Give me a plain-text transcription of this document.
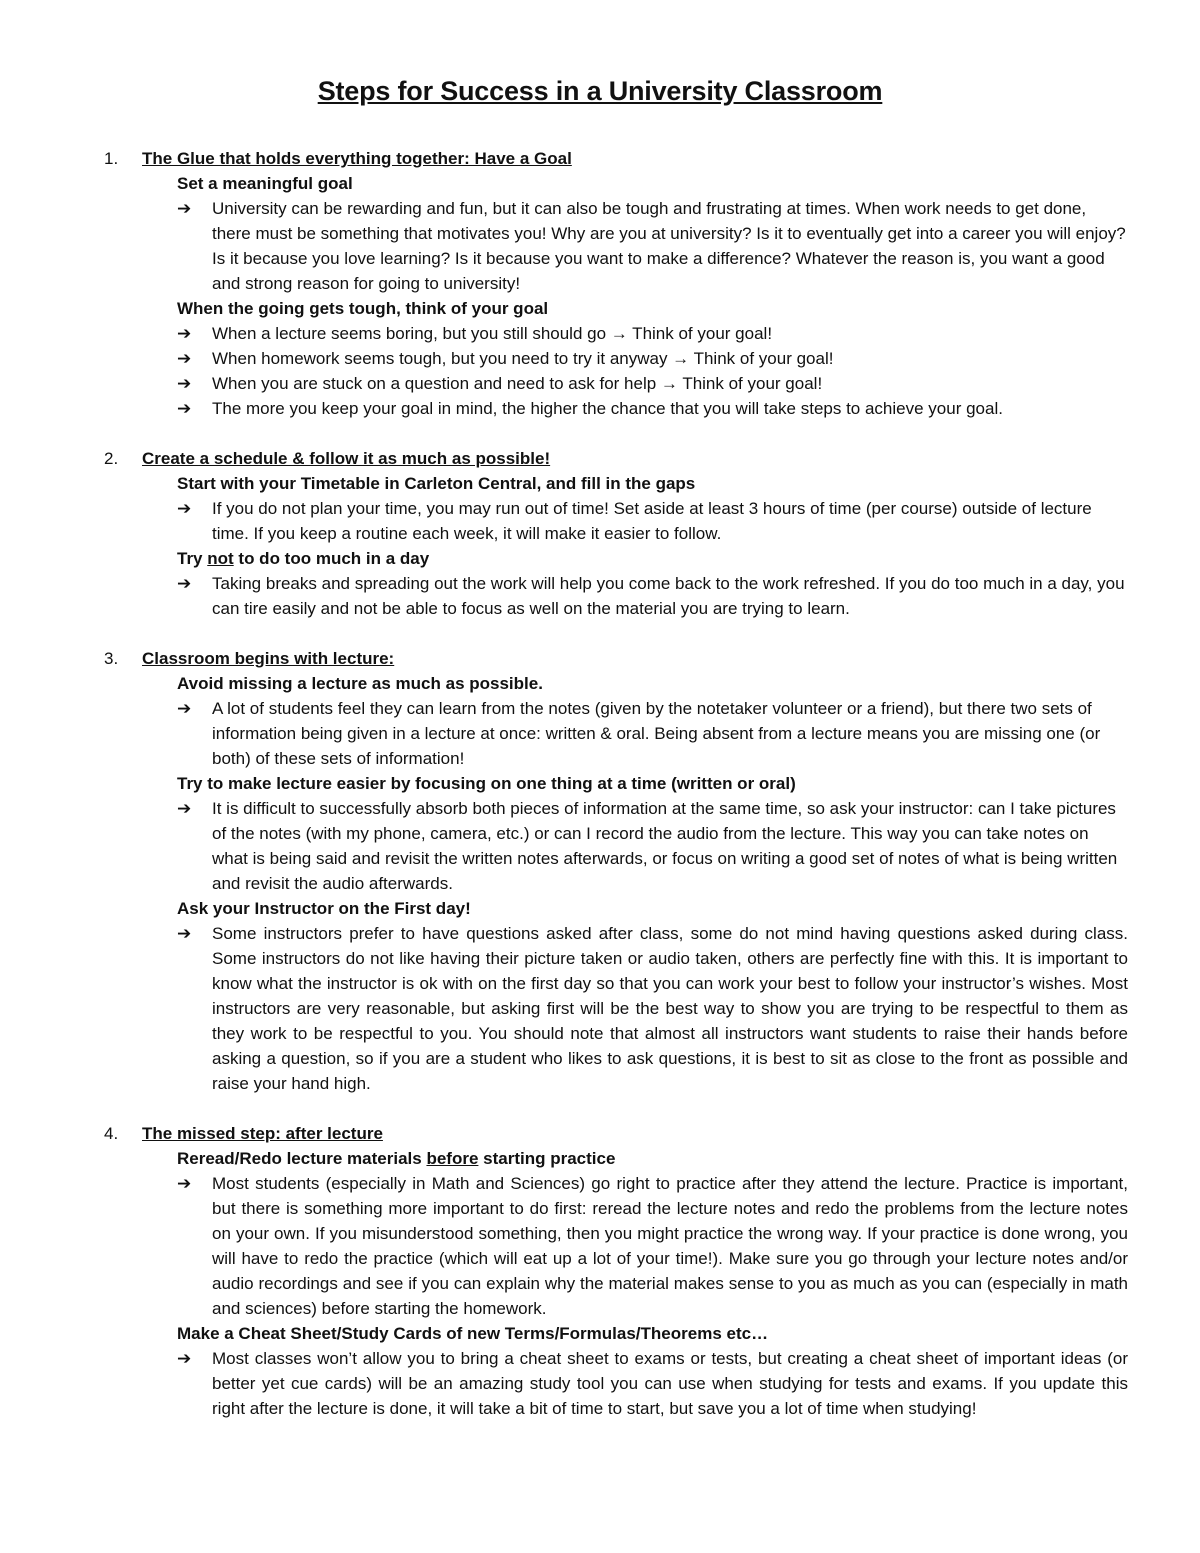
Steps for Success in a University Classroom
1. The Glue that holds everything together: Have a Goal
Set a meaningful goal
➔ University can be rewarding and fun, but it can also be tough and frustrating at times. When work needs to get done, there must be something that motivates you! Why are you at university? Is it to eventually get into a career you will enjoy? Is it because you love learning? Is it because you want to make a difference? Whatever the reason is, you want a good and strong reason for going to university!
When the going gets tough, think of your goal
➔ When a lecture seems boring, but you still should go → Think of your goal!
➔ When homework seems tough, but you need to try it anyway → Think of your goal!
➔ When you are stuck on a question and need to ask for help → Think of your goal!
➔ The more you keep your goal in mind, the higher the chance that you will take steps to achieve your goal.
2. Create a schedule & follow it as much as possible!
Start with your Timetable in Carleton Central, and fill in the gaps
➔ If you do not plan your time, you may run out of time! Set aside at least 3 hours of time (per course) outside of lecture time. If you keep a routine each week, it will make it easier to follow.
Try not to do too much in a day
➔ Taking breaks and spreading out the work will help you come back to the work refreshed. If you do too much in a day, you can tire easily and not be able to focus as well on the material you are trying to learn.
3. Classroom begins with lecture:
Avoid missing a lecture as much as possible.
➔ A lot of students feel they can learn from the notes (given by the notetaker volunteer or a friend), but there two sets of information being given in a lecture at once: written & oral. Being absent from a lecture means you are missing one (or both) of these sets of information!
Try to make lecture easier by focusing on one thing at a time (written or oral)
➔ It is difficult to successfully absorb both pieces of information at the same time, so ask your instructor: can I take pictures of the notes (with my phone, camera, etc.) or can I record the audio from the lecture. This way you can take notes on what is being said and revisit the written notes afterwards, or focus on writing a good set of notes of what is being written and revisit the audio afterwards.
Ask your Instructor on the First day!
➔ Some instructors prefer to have questions asked after class, some do not mind having questions asked during class. Some instructors do not like having their picture taken or audio taken, others are perfectly fine with this. It is important to know what the instructor is ok with on the first day so that you can work your best to follow your instructor’s wishes. Most instructors are very reasonable, but asking first will be the best way to show you are trying to be respectful to them as they work to be respectful to you. You should note that almost all instructors want students to raise their hands before asking a question, so if you are a student who likes to ask questions, it is best to sit as close to the front as possible and raise your hand high.
4. The missed step: after lecture
Reread/Redo lecture materials before starting practice
➔ Most students (especially in Math and Sciences) go right to practice after they attend the lecture. Practice is important, but there is something more important to do first: reread the lecture notes and redo the problems from the lecture notes on your own. If you misunderstood something, then you might practice the wrong way. If your practice is done wrong, you will have to redo the practice (which will eat up a lot of your time!). Make sure you go through your lecture notes and/or audio recordings and see if you can explain why the material makes sense to you as much as you can (especially in math and sciences) before starting the homework.
Make a Cheat Sheet/Study Cards of new Terms/Formulas/Theorems etc…
➔ Most classes won’t allow you to bring a cheat sheet to exams or tests, but creating a cheat sheet of important ideas (or better yet cue cards) will be an amazing study tool you can use when studying for tests and exams. If you update this right after the lecture is done, it will take a bit of time to start, but save you a lot of time when studying!
